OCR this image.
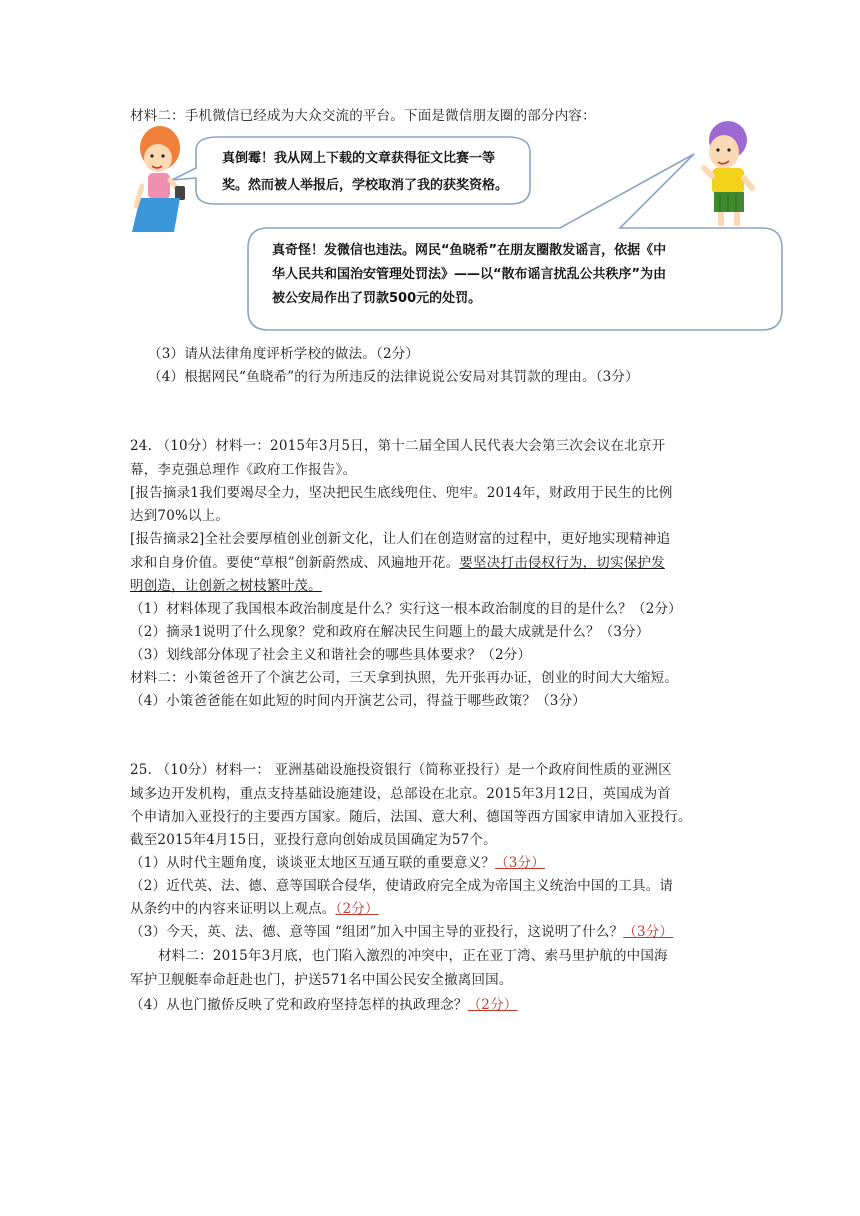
材料二：手机微信已经成为大众交流的平台。下面是微信朋友圈的部分内容：
真倒霉！我从网上下载的文章获得征文比赛一等
奖。然而被人举报后，学校取消了我的获奖资格。
真奇怪！发微信也违法。网民“鱼晓希”在朋友圈散发谣言，依据《中
华人民共和国治安管理处罚法》——以“散布谣言扰乱公共秩序”为由
被公安局作出了罚款500元的处罚。
（3）请从法律角度评析学校的做法。（2分）
（4）根据网民“鱼晓希”的行为所违反的法律说说公安局对其罚款的理由。（3分）
24. （10分）材料一：2015年3月5日，第十二届全国人民代表大会第三次会议在北京开
幕，李克强总理作《政府工作报告》。
[报告摘录1我们要竭尽全力，坚决把民生底线兜住、兜牢。2014年，财政用于民生的比例
达到70%以上。
[报告摘录2]全社会要厚植创业创新文化，让人们在创造财富的过程中，更好地实现精神追
求和自身价值。要使“草根”创新蔚然成、风遍地开花。要坚决打击侵权行为，切实保护发
明创造，让创新之树枝繁叶茂。
（1）材料体现了我国根本政治制度是什么？实行这一根本政治制度的目的是什么？（2分）
（2）摘录1说明了什么现象？党和政府在解决民生问题上的最大成就是什么？（3分）
（3）划线部分体现了社会主义和谐社会的哪些具体要求？（2分）
材料二：小策爸爸开了个演艺公司，三天拿到执照，先开张再办证，创业的时间大大缩短。
（4）小策爸爸能在如此短的时间内开演艺公司，得益于哪些政策？（3分）
25. （10分）材料一： 亚洲基础设施投资银行（简称亚投行）是一个政府间性质的亚洲区
域多边开发机构，重点支持基础设施建设，总部设在北京。2015年3月12日，英国成为首
个申请加入亚投行的主要西方国家。随后，法国、意大利、德国等西方国家申请加入亚投行。
截至2015年4月15日，亚投行意向创始成员国确定为57个。
（1）从时代主题角度，谈谈亚太地区互通互联的重要意义？（3分）
（2）近代英、法、德、意等国联合侵华，使请政府完全成为帝国主义统治中国的工具。请
从条约中的内容来证明以上观点。（2分）
（3）今天，英、法、德、意等国 “组团”加入中国主导的亚投行，这说明了什么？（3分）
材料二：2015年3月底，也门陷入激烈的冲突中，正在亚丁湾、索马里护航的中国海
军护卫舰艇奉命赶赴也门，护送571名中国公民安全撤离回国。
（4）从也门撤侨反映了党和政府坚持怎样的执政理念？（2分）
